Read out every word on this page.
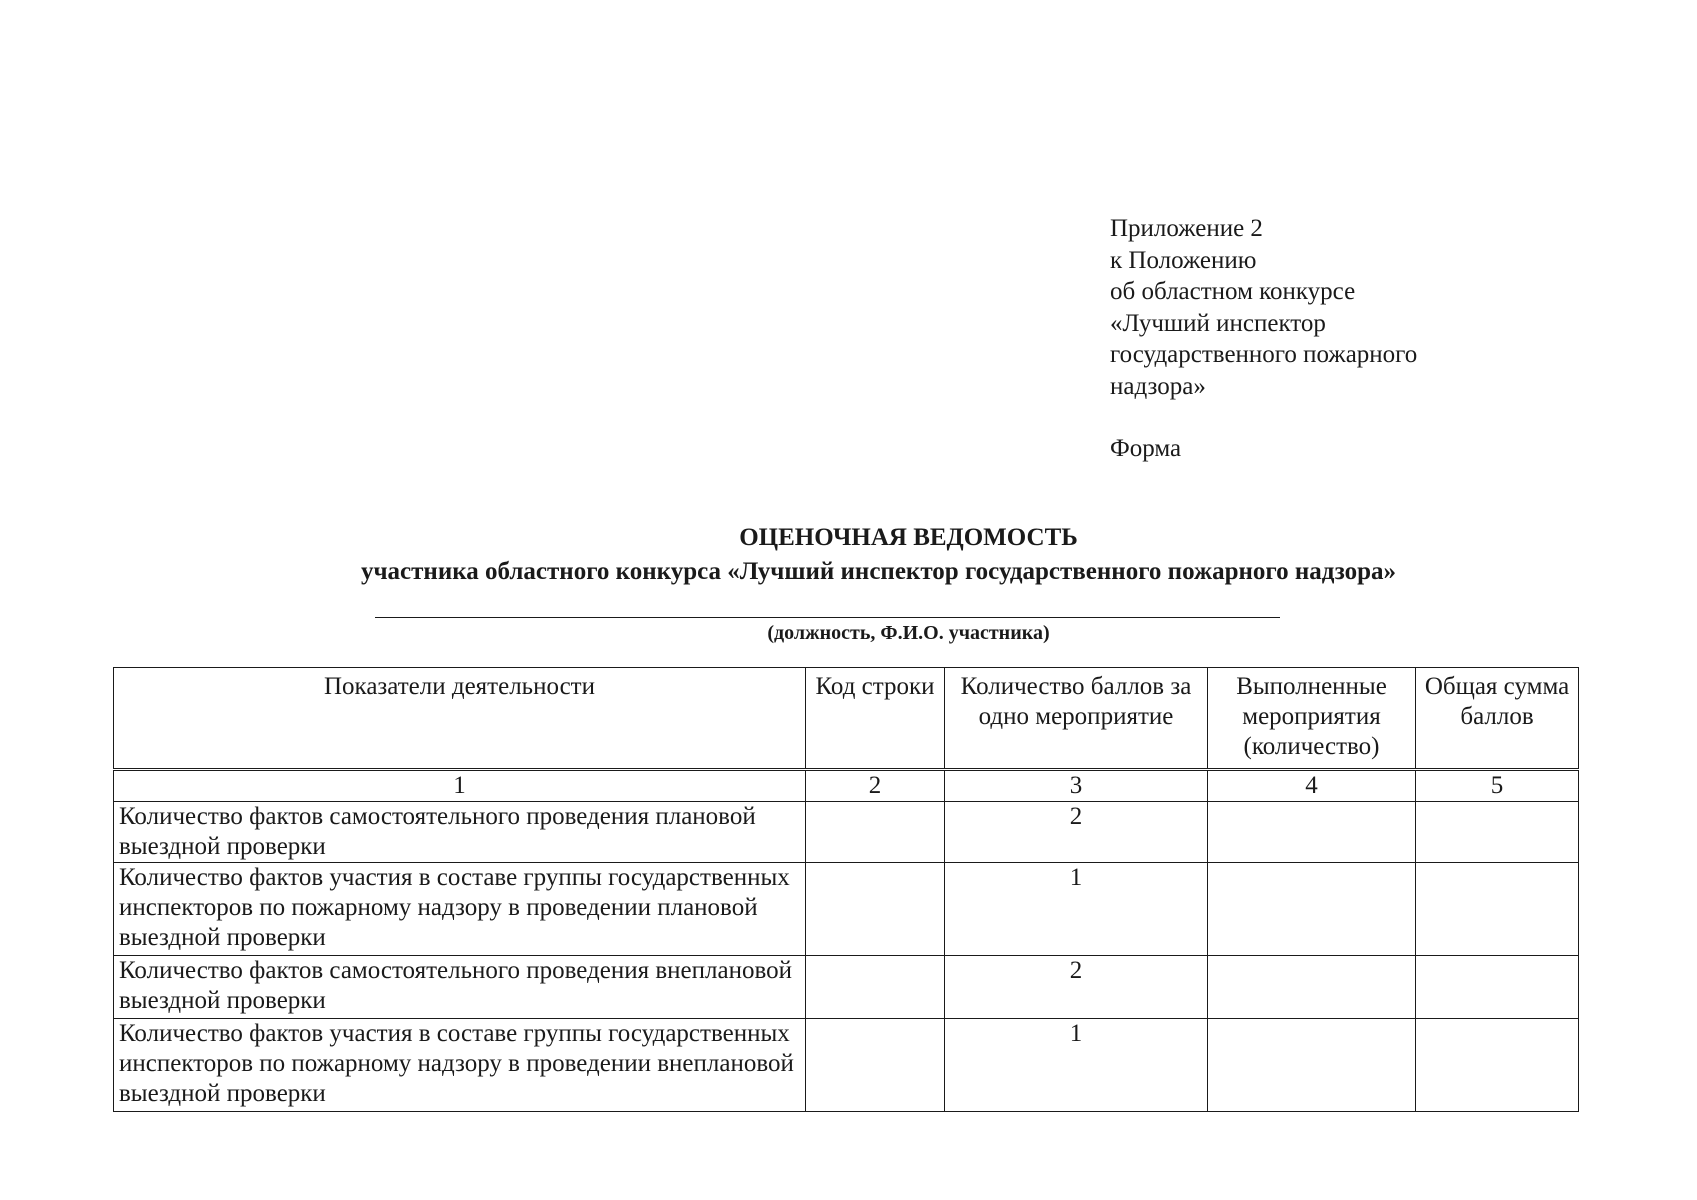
Приложение 2
к Положению
об областном конкурсе
«Лучший инспектор
государственного пожарного
надзора»
Форма
ОЦЕНОЧНАЯ ВЕДОМОСТЬ
участника областного конкурса «Лучший инспектор государственного пожарного надзора»
(должность, Ф.И.О. участника)
Показатели деятельности	Код строки	Количество баллов за одно мероприятие	Выполненные мероприятия (количество)	Общая сумма баллов
1	2	3	4	5
Количество фактов самостоятельного проведения плановой выездной проверки		2		
Количество фактов участия в составе группы государственных инспекторов по пожарному надзору в проведении плановой выездной проверки		1		
Количество фактов самостоятельного проведения внеплановой выездной проверки		2		
Количество фактов участия в составе группы государственных инспекторов по пожарному надзору в проведении внеплановой выездной проверки		1		
